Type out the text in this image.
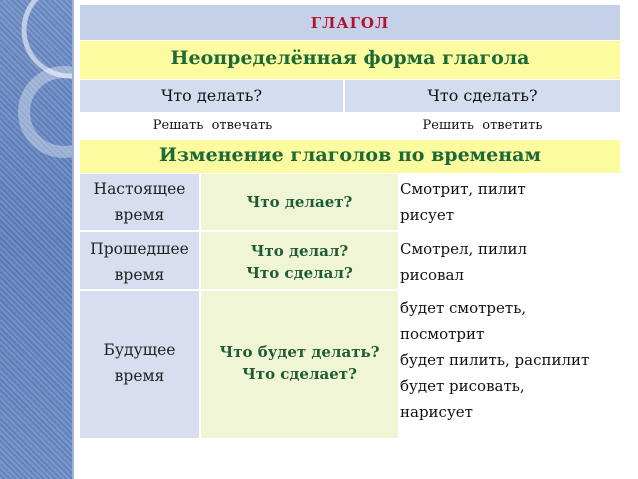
ГЛАГОЛ
Неопределённая форма глагола
Что делать?	Что сделать?
Решать  отвечать	Решить  ответить
Изменение глаголов по временам
Настоящее
время
Что делает?
Смотрит, пилит
рисует
Прошедшее
время
Что делал?
Что сделал?
Смотрел, пилил
рисовал
Будущее
время
Что будет делать?
Что сделает?
будет смотреть,
посмотрит
будет пилить, распилит
будет рисовать,
нарисует
